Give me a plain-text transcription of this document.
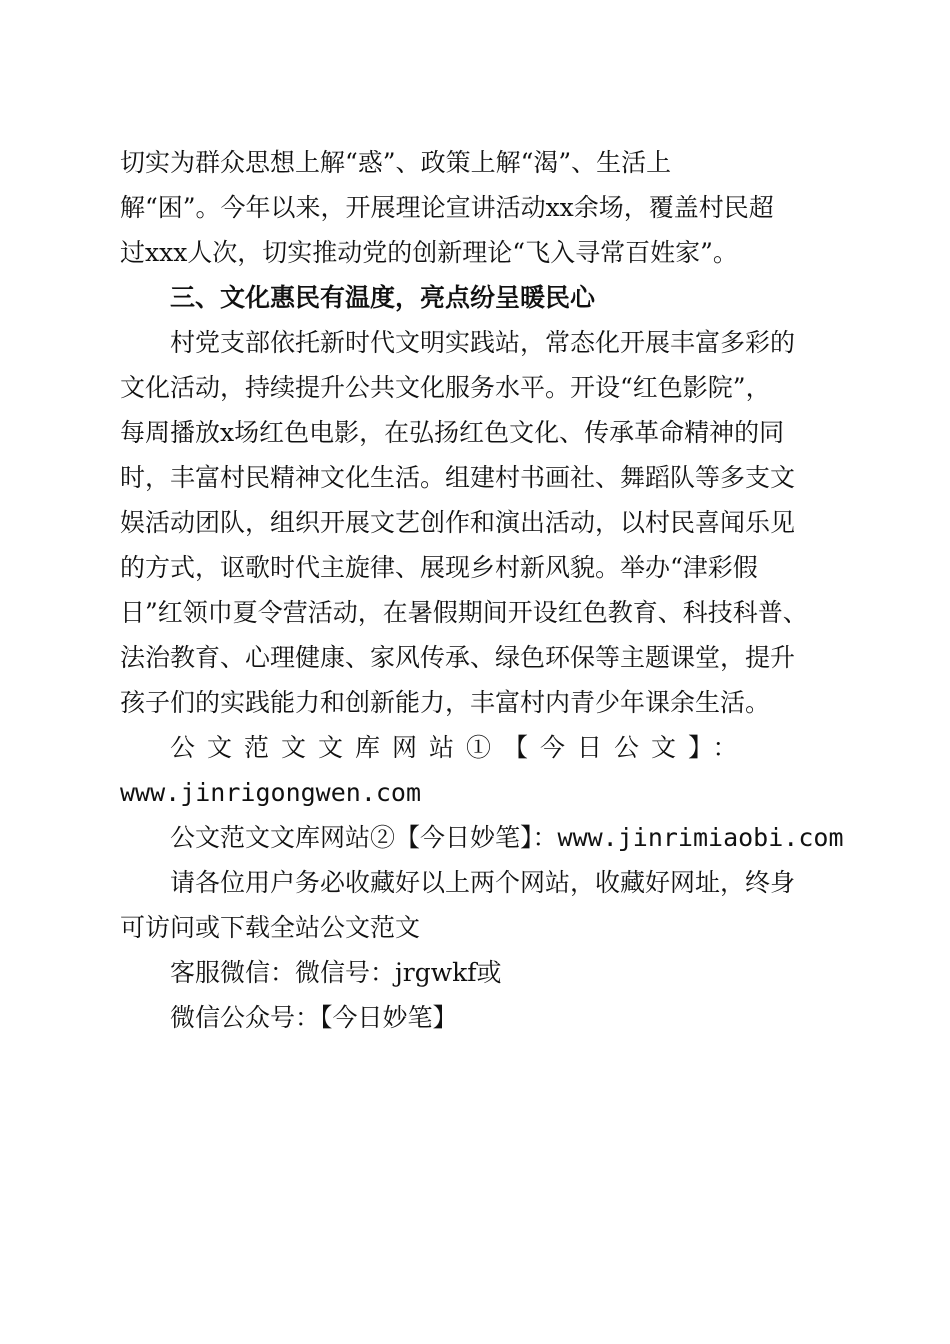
切实为群众思想上解“惑”、政策上解“渴”、生活上
解“困”。今年以来，开展理论宣讲活动xx余场，覆盖村民超
过xxx人次，切实推动党的创新理论“飞入寻常百姓家”。
三、文化惠民有温度，亮点纷呈暖民心
村党支部依托新时代文明实践站，常态化开展丰富多彩的
文化活动，持续提升公共文化服务水平。开设“红色影院”，
每周播放x场红色电影，在弘扬红色文化、传承革命精神的同
时，丰富村民精神文化生活。组建村书画社、舞蹈队等多支文
娱活动团队，组织开展文艺创作和演出活动，以村民喜闻乐见
的方式，讴歌时代主旋律、展现乡村新风貌。举办“津彩假
日”红领巾夏令营活动，在暑假期间开设红色教育、科技科普、
法治教育、心理健康、家风传承、绿色环保等主题课堂，提升
孩子们的实践能力和创新能力，丰富村内青少年课余生活。
公文范文文库网站①【今日公文】：
www.jinrigongwen.com
公文范文文库网站②【今日妙笔】：www.jinrimiaobi.com
请各位用户务必收藏好以上两个网站，收藏好网址，终身
可访问或下载全站公文范文
客服微信：微信号：jrgwkf或
微信公众号：【今日妙笔】
